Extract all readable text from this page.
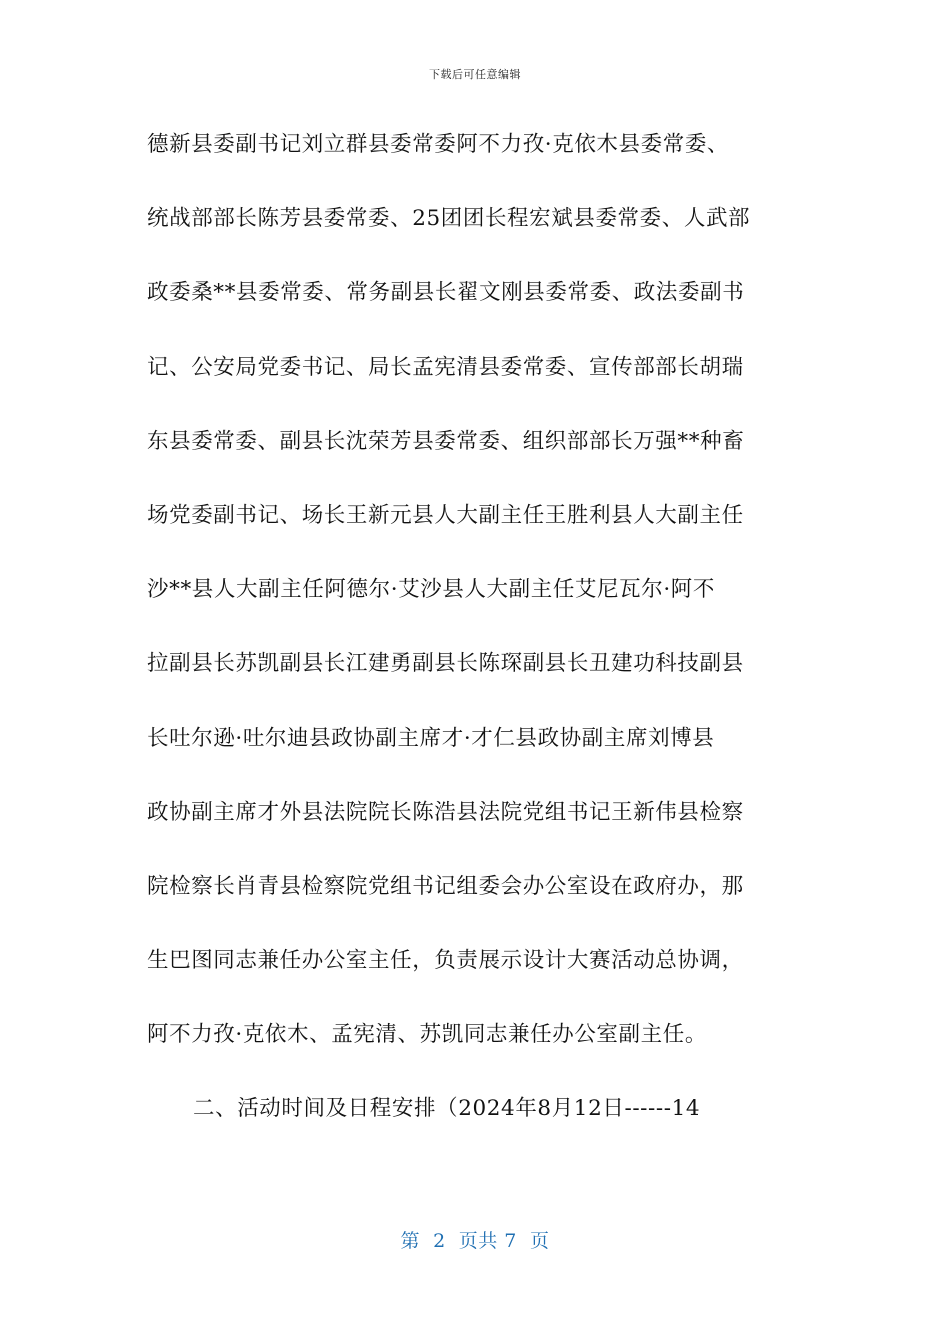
下载后可任意编辑
德新县委副书记刘立群县委常委阿不力孜·克依木县委常委、
统战部部长陈芳县委常委、25团团长程宏斌县委常委、人武部
政委桑**县委常委、常务副县长翟文刚县委常委、政法委副书
记、公安局党委书记、局长孟宪清县委常委、宣传部部长胡瑞
东县委常委、副县长沈荣芳县委常委、组织部部长万强**种畜
场党委副书记、场长王新元县人大副主任王胜利县人大副主任
沙**县人大副主任阿德尔·艾沙县人大副主任艾尼瓦尔·阿不
拉副县长苏凯副县长江建勇副县长陈琛副县长丑建功科技副县
长吐尔逊·吐尔迪县政协副主席才·才仁县政协副主席刘博县
政协副主席才外县法院院长陈浩县法院党组书记王新伟县检察
院检察长肖青县检察院党组书记组委会办公室设在政府办，那
生巴图同志兼任办公室主任，负责展示设计大赛活动总协调，
阿不力孜·克依木、孟宪清、苏凯同志兼任办公室副主任。
二、活动时间及日程安排（2024年8月12日------14
第  2  页共 7  页
